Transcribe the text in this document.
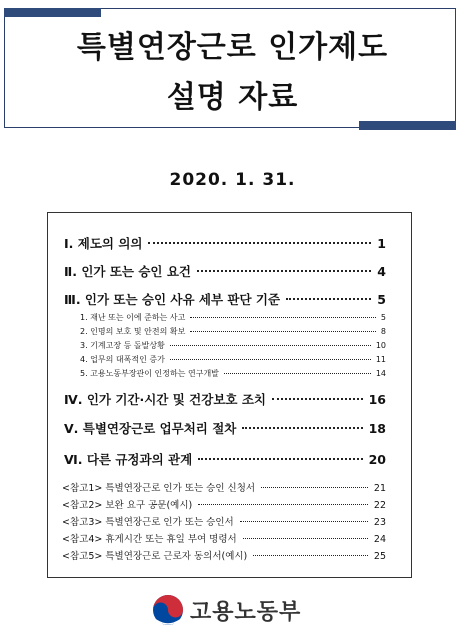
특별연장근로 인가제도
설명 자료
2020. 1. 31.
Ⅰ. 제도의 의의	1
Ⅱ. 인가 또는 승인 요건	4
Ⅲ. 인가 또는 승인 사유 세부 판단 기준	5
1. 재난 또는 이에 준하는 사고	5
2. 인명의 보호 및 안전의 확보	8
3. 기계고장 등 돌발상황	10
4. 업무의 대폭적인 증가	11
5. 고용노동부장관이 인정하는 연구개발	14
Ⅳ. 인가 기간·시간 및 건강보호 조치	16
Ⅴ. 특별연장근로 업무처리 절차	18
Ⅵ. 다른 규정과의 관계	20
<참고1> 특별연장근로 인가 또는 승인 신청서	21
<참고2> 보완 요구 공문(예시)	22
<참고3> 특별연장근로 인가 또는 승인서	23
<참고4> 휴게시간 또는 휴일 부여 명령서	24
<참고5> 특별연장근로 근로자 동의서(예시)	25
고용노동부
